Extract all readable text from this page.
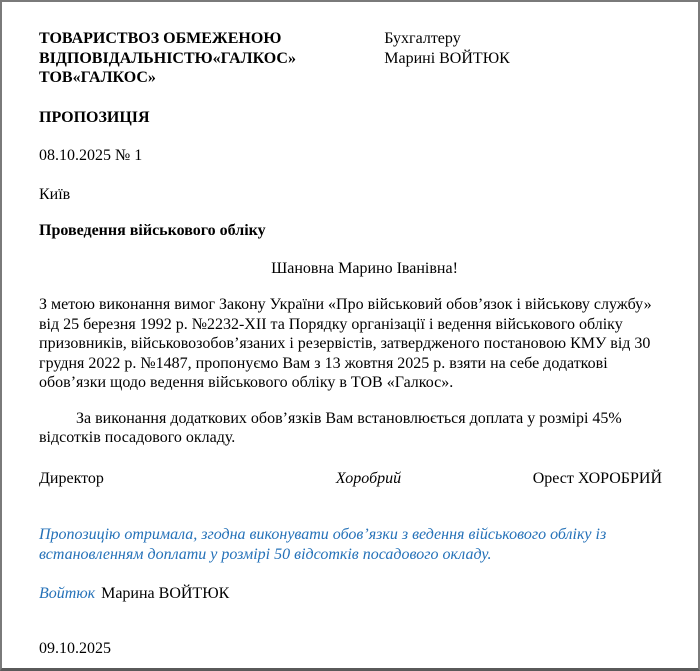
ТОВАРИСТВОЗ ОБМЕЖЕНОЮ
ВІДПОВІДАЛЬНІСТЮ«ГАЛКОС»
ТОВ«ГАЛКОС»
Бухгалтеру
Марині ВОЙТЮК
ПРОПОЗИЦІЯ
08.10.2025 № 1
Київ
Проведення військового обліку
Шановна Марино Іванівна!
З метою виконання вимог Закону України «Про військовий обов’язок і військову службу» від 25 березня 1992 р. №2232-XII та Порядку організації і ведення військового обліку призовників, військовозобов’язаних і резервістів, затвердженого постановою КМУ від 30 грудня 2022 р. №1487, пропонуємо Вам з 13 жовтня 2025 р. взяти на себе додаткові обов’язки щодо ведення військового обліку в ТОВ «Галкос».
За виконання додаткових обов’язків Вам встановлюється доплата у розмірі 45% відсотків посадового окладу.
Директор	Хоробрий	Орест ХОРОБРИЙ
Пропозицію отримала, згодна виконувати обов’язки з ведення військового обліку із встановленням доплати у розмірі 50 відсотків посадового окладу.
Войтюк Марина ВОЙТЮК
09.10.2025
